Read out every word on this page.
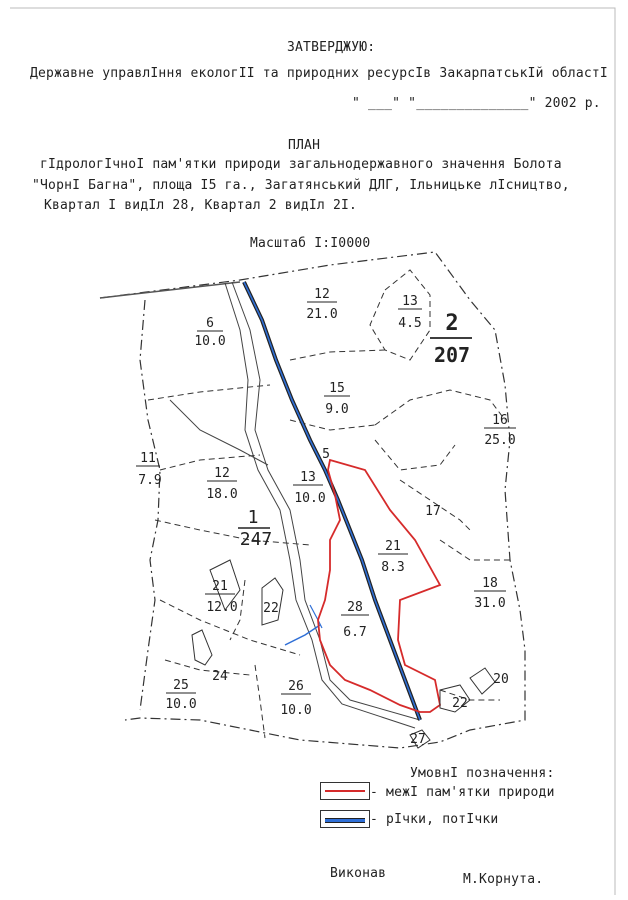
ЗАТВЕРДЖУЮ:
Державне управлIння екологII та природних ресурсIв ЗакарпатськIй областI
" ___" "______________" 2002 р.
ПЛАН
гIдрологIчноI пам'ятки природи загальнодержавного значення Болота
"ЧорнI Багна", площа I5 га., Загатянський ДЛГ, Ільницьке лIсництво,
Квартал I видIл 28, Квартал 2 видIл 2I.
Масштаб I:I0000
1
247
2
207
6
10.0
12
21.0
13
4.5
15
9.0
16
25.0
11
7.9	12
18.0
13
10.0
21
8.3
21
12.0	28
6.7
18
31.0
25
10.0
26
10.0
5
17
20
22
22
24
27
УмовнI позначення:
- межI пам'ятки природи
- рIчки, потIчки
Виконав	М.Корнута.
